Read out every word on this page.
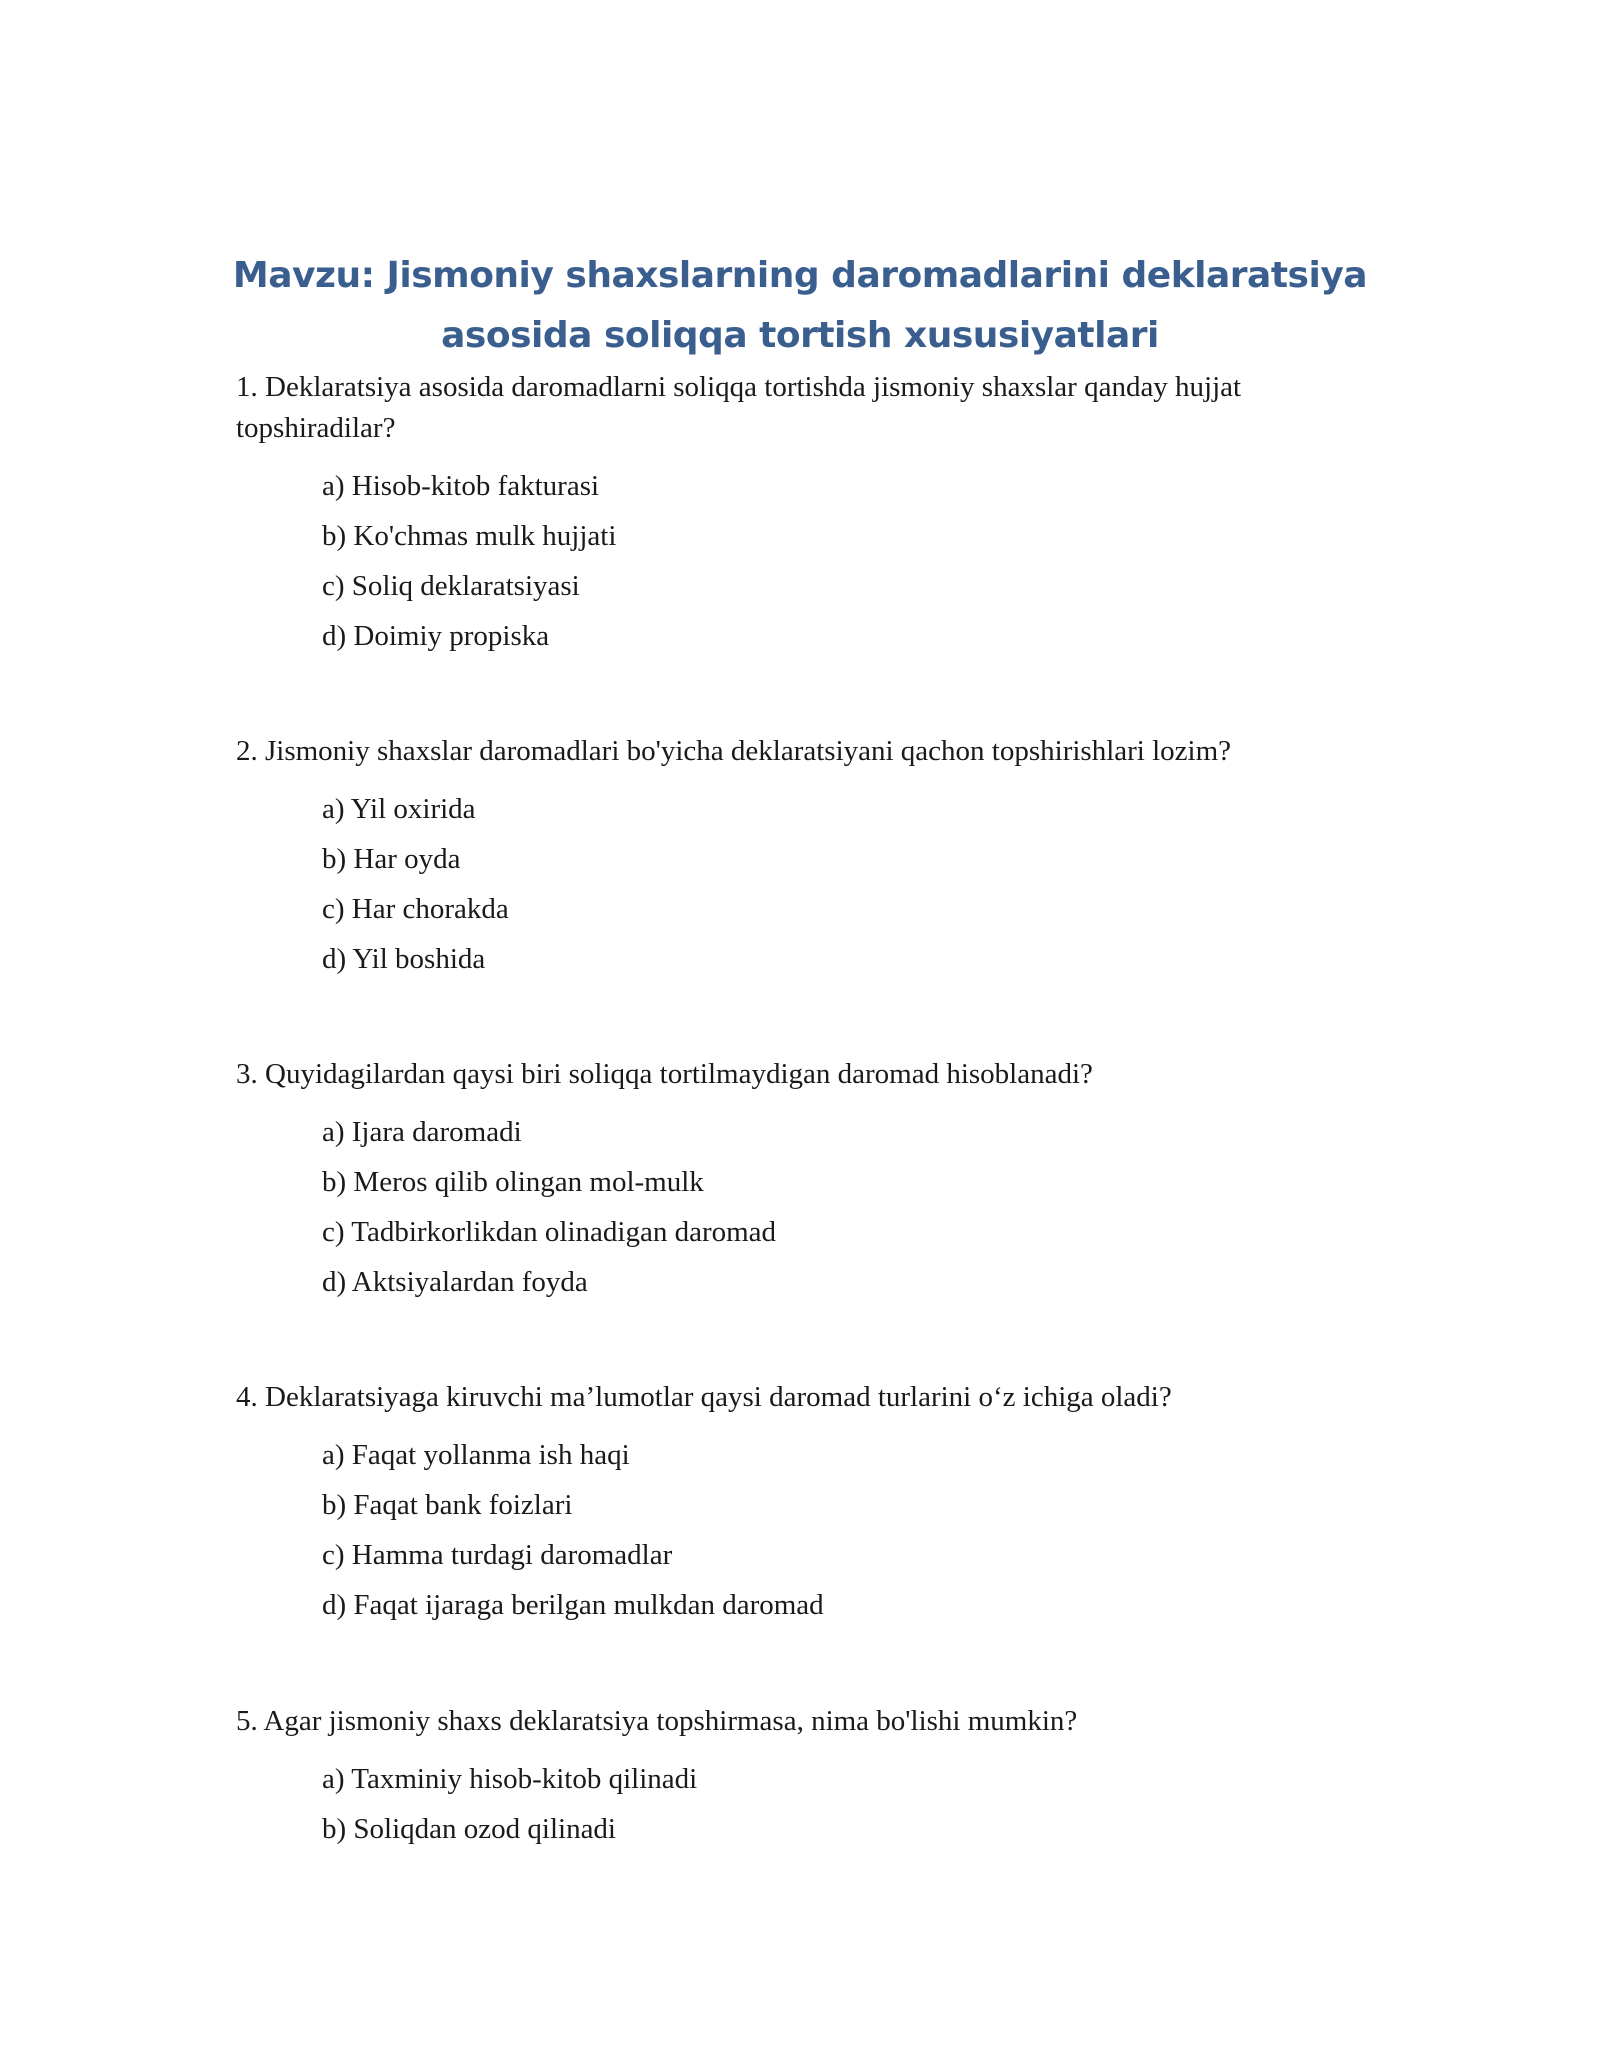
Mavzu: Jismoniy shaxslarning daromadlarini deklaratsiya
asosida soliqqa tortish xususiyatlari

1. Deklaratsiya asosida daromadlarni soliqqa tortishda jismoniy shaxslar qanday hujjat topshiradilar?

a) Hisob-kitob fakturasi
b) Ko'chmas mulk hujjati
c) Soliq deklaratsiyasi
d) Doimiy propiska

2. Jismoniy shaxslar daromadlari bo'yicha deklaratsiyani qachon topshirishlari lozim?

a) Yil oxirida
b) Har oyda
c) Har chorakda
d) Yil boshida

3. Quyidagilardan qaysi biri soliqqa tortilmaydigan daromad hisoblanadi?

a) Ijara daromadi
b) Meros qilib olingan mol-mulk
c) Tadbirkorlikdan olinadigan daromad
d) Aktsiyalardan foyda

4. Deklaratsiyaga kiruvchi ma’lumotlar qaysi daromad turlarini o‘z ichiga oladi?

a) Faqat yollanma ish haqi
b) Faqat bank foizlari
c) Hamma turdagi daromadlar
d) Faqat ijaraga berilgan mulkdan daromad

5. Agar jismoniy shaxs deklaratsiya topshirmasa, nima bo'lishi mumkin?

a) Taxminiy hisob-kitob qilinadi
b) Soliqdan ozod qilinadi
